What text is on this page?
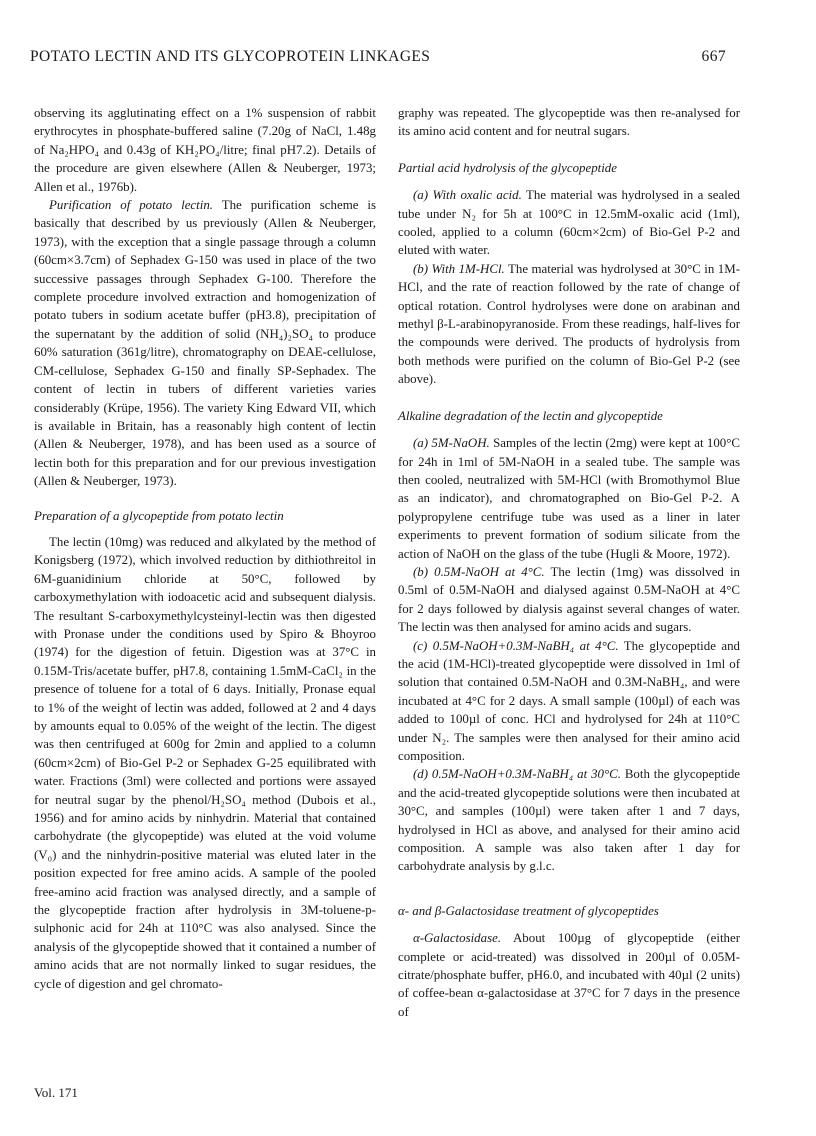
POTATO LECTIN AND ITS GLYCOPROTEIN LINKAGES	667

observing its agglutinating effect on a 1% suspension of rabbit erythrocytes in phosphate-buffered saline (7.20g of NaCl, 1.48g of Na₂HPO₄ and 0.43g of KH₂PO₄/litre; final pH7.2). Details of the procedure are given elsewhere (Allen & Neuberger, 1973; Allen et al., 1976b).

Purification of potato lectin. The purification scheme is basically that described by us previously (Allen & Neuberger, 1973), with the exception that a single passage through a column (60cm×3.7cm) of Sephadex G-150 was used in place of the two successive passages through Sephadex G-100. Therefore the complete procedure involved extraction and homogenization of potato tubers in sodium acetate buffer (pH3.8), precipitation of the supernatant by the addition of solid (NH₄)₂SO₄ to produce 60% saturation (361g/litre), chromatography on DEAE-cellulose, CM-cellulose, Sephadex G-150 and finally SP-Sephadex. The content of lectin in tubers of different varieties varies considerably (Krüpe, 1956). The variety King Edward VII, which is available in Britain, has a reasonably high content of lectin (Allen & Neuberger, 1978), and has been used as a source of lectin both for this preparation and for our previous investigation (Allen & Neuberger, 1973).

Preparation of a glycopeptide from potato lectin

The lectin (10mg) was reduced and alkylated by the method of Konigsberg (1972), which involved reduction by dithiothreitol in 6M-guanidinium chloride at 50°C, followed by carboxymethylation with iodoacetic acid and subsequent dialysis. The resultant S-carboxymethylcysteinyl-lectin was then digested with Pronase under the conditions used by Spiro & Bhoyroo (1974) for the digestion of fetuin. Digestion was at 37°C in 0.15M-Tris/acetate buffer, pH7.8, containing 1.5mM-CaCl₂ in the presence of toluene for a total of 6 days. Initially, Pronase equal to 1% of the weight of lectin was added, followed at 2 and 4 days by amounts equal to 0.05% of the weight of the lectin. The digest was then centrifuged at 600g for 2min and applied to a column (60cm×2cm) of Bio-Gel P-2 or Sephadex G-25 equilibrated with water. Fractions (3ml) were collected and portions were assayed for neutral sugar by the phenol/H₂SO₄ method (Dubois et al., 1956) and for amino acids by ninhydrin. Material that contained carbohydrate (the glycopeptide) was eluted at the void volume (V₀) and the ninhydrin-positive material was eluted later in the position expected for free amino acids. A sample of the pooled free-amino acid fraction was analysed directly, and a sample of the glycopeptide fraction after hydrolysis in 3M-toluene-p-sulphonic acid for 24h at 110°C was also analysed. Since the analysis of the glycopeptide showed that it contained a number of amino acids that are not normally linked to sugar residues, the cycle of digestion and gel chromato-

graphy was repeated. The glycopeptide was then re-analysed for its amino acid content and for neutral sugars.

Partial acid hydrolysis of the glycopeptide

(a) With oxalic acid. The material was hydrolysed in a sealed tube under N₂ for 5h at 100°C in 12.5mM-oxalic acid (1ml), cooled, applied to a column (60cm×2cm) of Bio-Gel P-2 and eluted with water.

(b) With 1M-HCl. The material was hydrolysed at 30°C in 1M-HCl, and the rate of reaction followed by the rate of change of optical rotation. Control hydrolyses were done on arabinan and methyl β-L-arabinopyranoside. From these readings, half-lives for the compounds were derived. The products of hydrolysis from both methods were purified on the column of Bio-Gel P-2 (see above).

Alkaline degradation of the lectin and glycopeptide

(a) 5M-NaOH. Samples of the lectin (2mg) were kept at 100°C for 24h in 1ml of 5M-NaOH in a sealed tube. The sample was then cooled, neutralized with 5M-HCl (with Bromothymol Blue as an indicator), and chromatographed on Bio-Gel P-2. A polypropylene centrifuge tube was used as a liner in later experiments to prevent formation of sodium silicate from the action of NaOH on the glass of the tube (Hugli & Moore, 1972).

(b) 0.5M-NaOH at 4°C. The lectin (1mg) was dissolved in 0.5ml of 0.5M-NaOH and dialysed against 0.5M-NaOH at 4°C for 2 days followed by dialysis against several changes of water. The lectin was then analysed for amino acids and sugars.

(c) 0.5M-NaOH+0.3M-NaBH₄ at 4°C. The glycopeptide and the acid (1M-HCl)-treated glycopeptide were dissolved in 1ml of solution that contained 0.5M-NaOH and 0.3M-NaBH₄, and were incubated at 4°C for 2 days. A small sample (100µl) of each was added to 100µl of conc. HCl and hydrolysed for 24h at 110°C under N₂. The samples were then analysed for their amino acid composition.

(d) 0.5M-NaOH+0.3M-NaBH₄ at 30°C. Both the glycopeptide and the acid-treated glycopeptide solutions were then incubated at 30°C, and samples (100µl) were taken after 1 and 7 days, hydrolysed in HCl as above, and analysed for their amino acid composition. A sample was also taken after 1 day for carbohydrate analysis by g.l.c.

α- and β-Galactosidase treatment of glycopeptides

α-Galactosidase. About 100µg of glycopeptide (either complete or acid-treated) was dissolved in 200µl of 0.05M-citrate/phosphate buffer, pH6.0, and incubated with 40µl (2 units) of coffee-bean α-galactosidase at 37°C for 7 days in the presence of

Vol. 171
